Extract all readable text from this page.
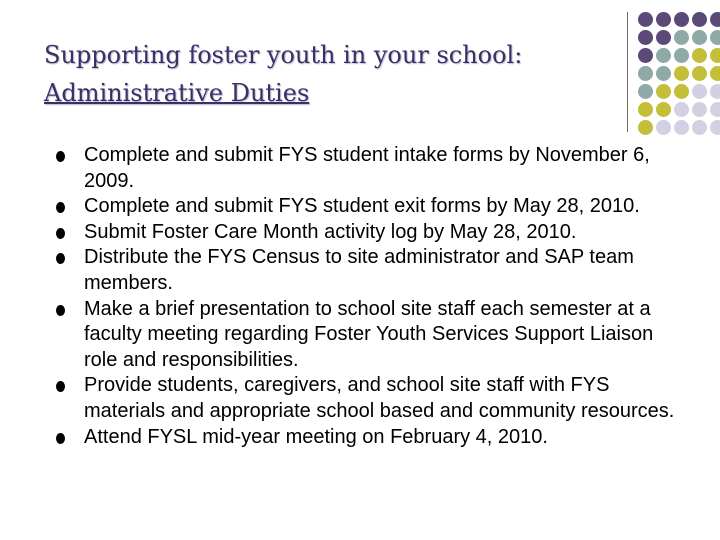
Supporting foster youth in your school:
Administrative Duties
Complete and submit FYS student intake forms by November 6, 2009.
Complete and submit FYS student exit forms by May 28, 2010.
Submit Foster Care Month activity log by May 28, 2010.
Distribute the FYS Census to site administrator and SAP team members.
Make a brief presentation to school site staff each semester at a faculty meeting regarding Foster Youth Services Support Liaison role and responsibilities.
Provide students, caregivers, and school site staff with FYS materials and appropriate school based and community resources.
Attend FYSL mid-year meeting on February 4, 2010.
